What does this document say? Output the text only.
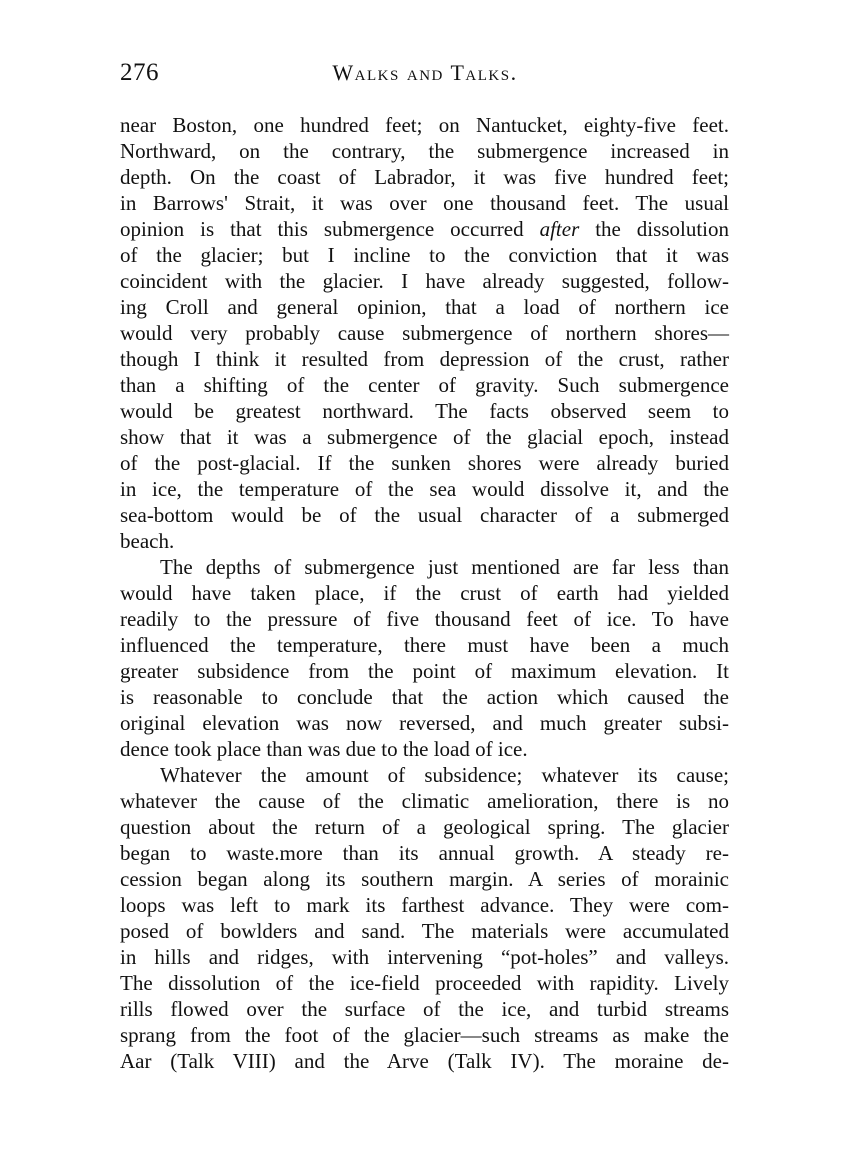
276	Walks and Talks.
near Boston, one hundred feet; on Nantucket, eighty-five feet.
Northward, on the contrary, the submergence increased in
depth. On the coast of Labrador, it was five hundred feet;
in Barrows' Strait, it was over one thousand feet. The usual
opinion is that this submergence occurred after the dissolution
of the glacier; but I incline to the conviction that it was
coincident with the glacier. I have already suggested, follow-
ing Croll and general opinion, that a load of northern ice
would very probably cause submergence of northern shores—
though I think it resulted from depression of the crust, rather
than a shifting of the center of gravity. Such submergence
would be greatest northward. The facts observed seem to
show that it was a submergence of the glacial epoch, instead
of the post-glacial. If the sunken shores were already buried
in ice, the temperature of the sea would dissolve it, and the
sea-bottom would be of the usual character of a submerged
beach.
The depths of submergence just mentioned are far less than
would have taken place, if the crust of earth had yielded
readily to the pressure of five thousand feet of ice. To have
influenced the temperature, there must have been a much
greater subsidence from the point of maximum elevation. It
is reasonable to conclude that the action which caused the
original elevation was now reversed, and much greater subsi-
dence took place than was due to the load of ice.
Whatever the amount of subsidence; whatever its cause;
whatever the cause of the climatic amelioration, there is no
question about the return of a geological spring. The glacier
began to waste.more than its annual growth. A steady re-
cession began along its southern margin. A series of morainic
loops was left to mark its farthest advance. They were com-
posed of bowlders and sand. The materials were accumulated
in hills and ridges, with intervening “pot-holes” and valleys.
The dissolution of the ice-field proceeded with rapidity. Lively
rills flowed over the surface of the ice, and turbid streams
sprang from the foot of the glacier—such streams as make the
Aar (Talk VIII) and the Arve (Talk IV). The moraine de-
